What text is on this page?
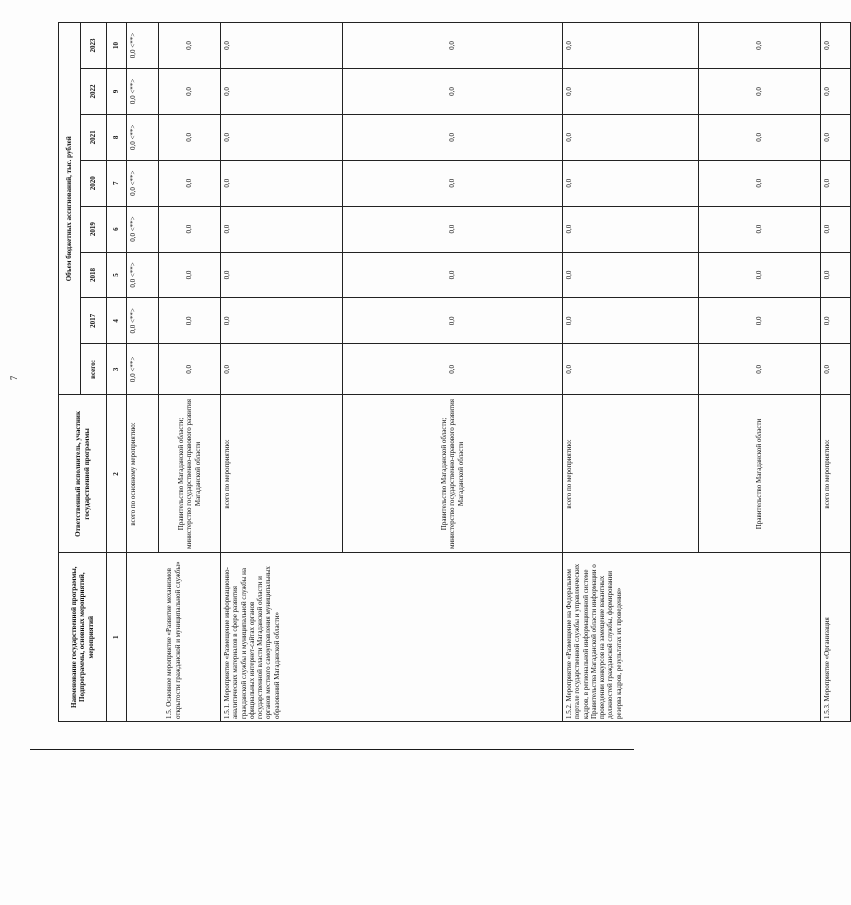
7
Наименование государственной программы, Подпрограммы, основных мероприятий, мероприятий	Ответственный исполнитель, участник государственной программы	Объем бюджетных ассигнований, тыс. рублей							
		всего:	2017	2018	2019	2020	2021	2022	2023
1	2	3	4	5	6	7	8	9	10
1.5. Основное мероприятие «Развитие механизмов открытости гражданской и муниципальной службы»	всего по основному мероприятию:	0,0 <**>	0,0 <**>	0,0 <**>	0,0 <**>	0,0 <**>	0,0 <**>	0,0 <**>	0,0 <**>
	Правительство Магаданской области; министерство государственно-правового развития Магаданской области	0,0	0,0	0,0	0,0	0,0	0,0	0,0	0,0
1.5.1. Мероприятие «Размещение информационно-аналитических материалов в сфере развития гражданской службы и муниципальной службы на официальных интернет-сайтах органов государственной власти Магаданской области и органов местного самоуправления муниципальных образований Магаданской области»	всего по мероприятию:	0,0	0,0	0,0	0,0	0,0	0,0	0,0	0,0
	Правительство Магаданской области; министерство государственно-правового развития Магаданской области	0,0	0,0	0,0	0,0	0,0	0,0	0,0	0,0
1.5.2. Мероприятие «Размещение на Федеральном портале государственной службы и управленческих кадров, в региональной информационной системе Правительства Магаданской области информации о проведении конкурсов на замещение вакантных должностей гражданской службы, формировании резерва кадров, результатах их проведения»	всего по мероприятию:	0,0	0,0	0,0	0,0	0,0	0,0	0,0	0,0
	Правительство Магаданской области	0,0	0,0	0,0	0,0	0,0	0,0	0,0	0,0
1.5.3. Мероприятие «Организация	всего по мероприятию:	0,0	0,0	0,0	0,0	0,0	0,0	0,0	0,0
